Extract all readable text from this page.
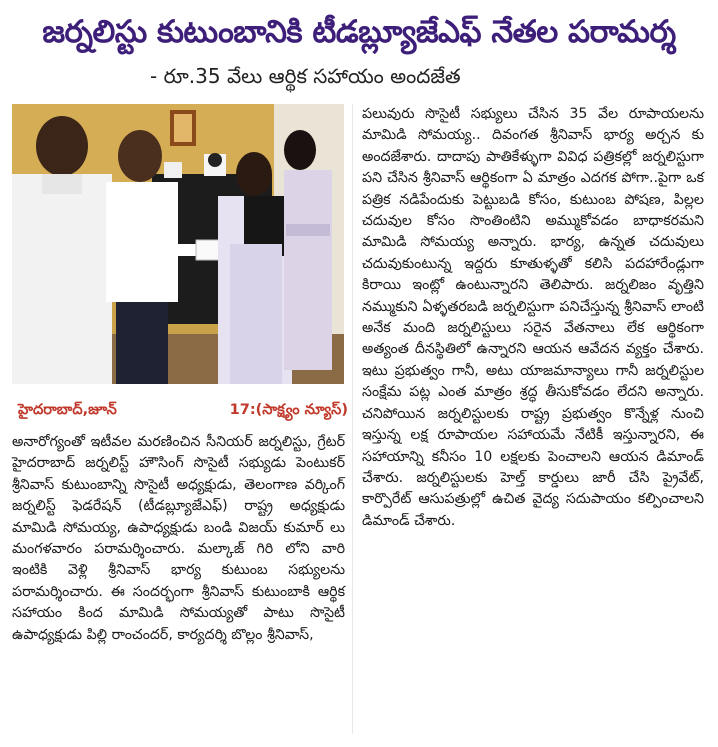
జర్నలిస్టు కుటుంబానికి టీడబ్ల్యూజేఎఫ్ నేతల పరామర్శ
- రూ.35 వేలు ఆర్థిక సహాయం అందజేత
హైదరాబాద్,జూన్	17:(సాక్ష్యం న్యూస్)

అనారోగ్యంతో ఇటీవల మరణించిన సీనియర్ జర్నలిస్టు, గ్రేటర్ హైదరాబాద్ జర్నలిస్ట్ హౌసింగ్ సొసైటీ సభ్యుడు పెంటుకర్ శ్రీనివాస్ కుటుంబాన్ని సొసైటీ అధ్యక్షుడు, తెలంగాణ వర్కింగ్ జర్నలిస్ట్ ఫెడరేషన్ (టీడబ్ల్యూజేఎఫ్) రాష్ట్ర అధ్యక్షుడు మామిడి సోమయ్య, ఉపాధ్యక్షుడు బండి విజయ్ కుమార్ లు మంగళవారం పరామర్శించారు. మల్కాజ్ గిరి లోని వారి ఇంటికి వెళ్లి శ్రీనివాస్ భార్య కుటుంబ సభ్యులను పరామర్శించారు. ఈ సందర్భంగా శ్రీనివాస్ కుటుంబాకి ఆర్థిక సహాయం కింద మామిడి సోమయ్యతో పాటు సొసైటీ ఉపాధ్యక్షుడు పిల్లి రాంచందర్, కార్యదర్శి బొల్లం శ్రీనివాస్,

పలువురు సొసైటీ సభ్యులు చేసిన 35 వేల రూపాయలను మామిడి సోమయ్య.. దివంగత శ్రీనివాస్ భార్య అర్చన కు అందజేశారు. దాదాపు పాతికేళ్ళుగా వివిధ పత్రికల్లో జర్నలిస్టుగా పని చేసిన శ్రీనివాస్ ఆర్థికంగా ఏ మాత్రం ఎదగక పోగా..పైగా ఒక పత్రిక నడిపేందుకు పెట్టుబడి కోసం, కుటుంబ పోషణ, పిల్లల చదువుల కోసం సొంతింటిని అమ్ముకోవడం బాధాకరమని మామిడి సోమయ్య అన్నారు. భార్య, ఉన్నత చదువులు చదువుకుంటున్న ఇద్దరు కూతుళ్ళతో కలిసి పదహారేండ్లుగా కిరాయి ఇంట్లో ఉంటున్నారని తెలిపారు. జర్నలిజం వృత్తిని నమ్ముకుని ఏళ్ళతరబడి జర్నలిస్టుగా పనిచేస్తున్న శ్రీనివాస్ లాంటి అనేక మంది జర్నలిస్టులు సరైన వేతనాలు లేక ఆర్థికంగా అత్యంత దీనస్థితిలో ఉన్నారని ఆయన ఆవేదన వ్యక్తం చేశారు. ఇటు ప్రభుత్వం గానీ, అటు యాజమాన్యాలు గానీ జర్నలిస్టుల సంక్షేమ పట్ల ఎంత మాత్రం శ్రద్ధ తీసుకోవడం లేదని అన్నారు. చనిపోయిన జర్నలిస్టులకు రాష్ట్ర ప్రభుత్వం కొన్నేళ్ల నుంచి ఇస్తున్న లక్ష రూపాయల సహాయమే నేటికీ ఇస్తున్నారని, ఈ సహాయాన్ని కనీసం 10 లక్షలకు పెంచాలని ఆయన డిమాండ్ చేశారు. జర్నలిస్టులకు హెల్త్ కార్డులు జారీ చేసి ప్రైవేట్, కార్పొరేట్ ఆసుపత్రుల్లో ఉచిత వైద్య సదుపాయం కల్పించాలని డిమాండ్ చేశారు.
